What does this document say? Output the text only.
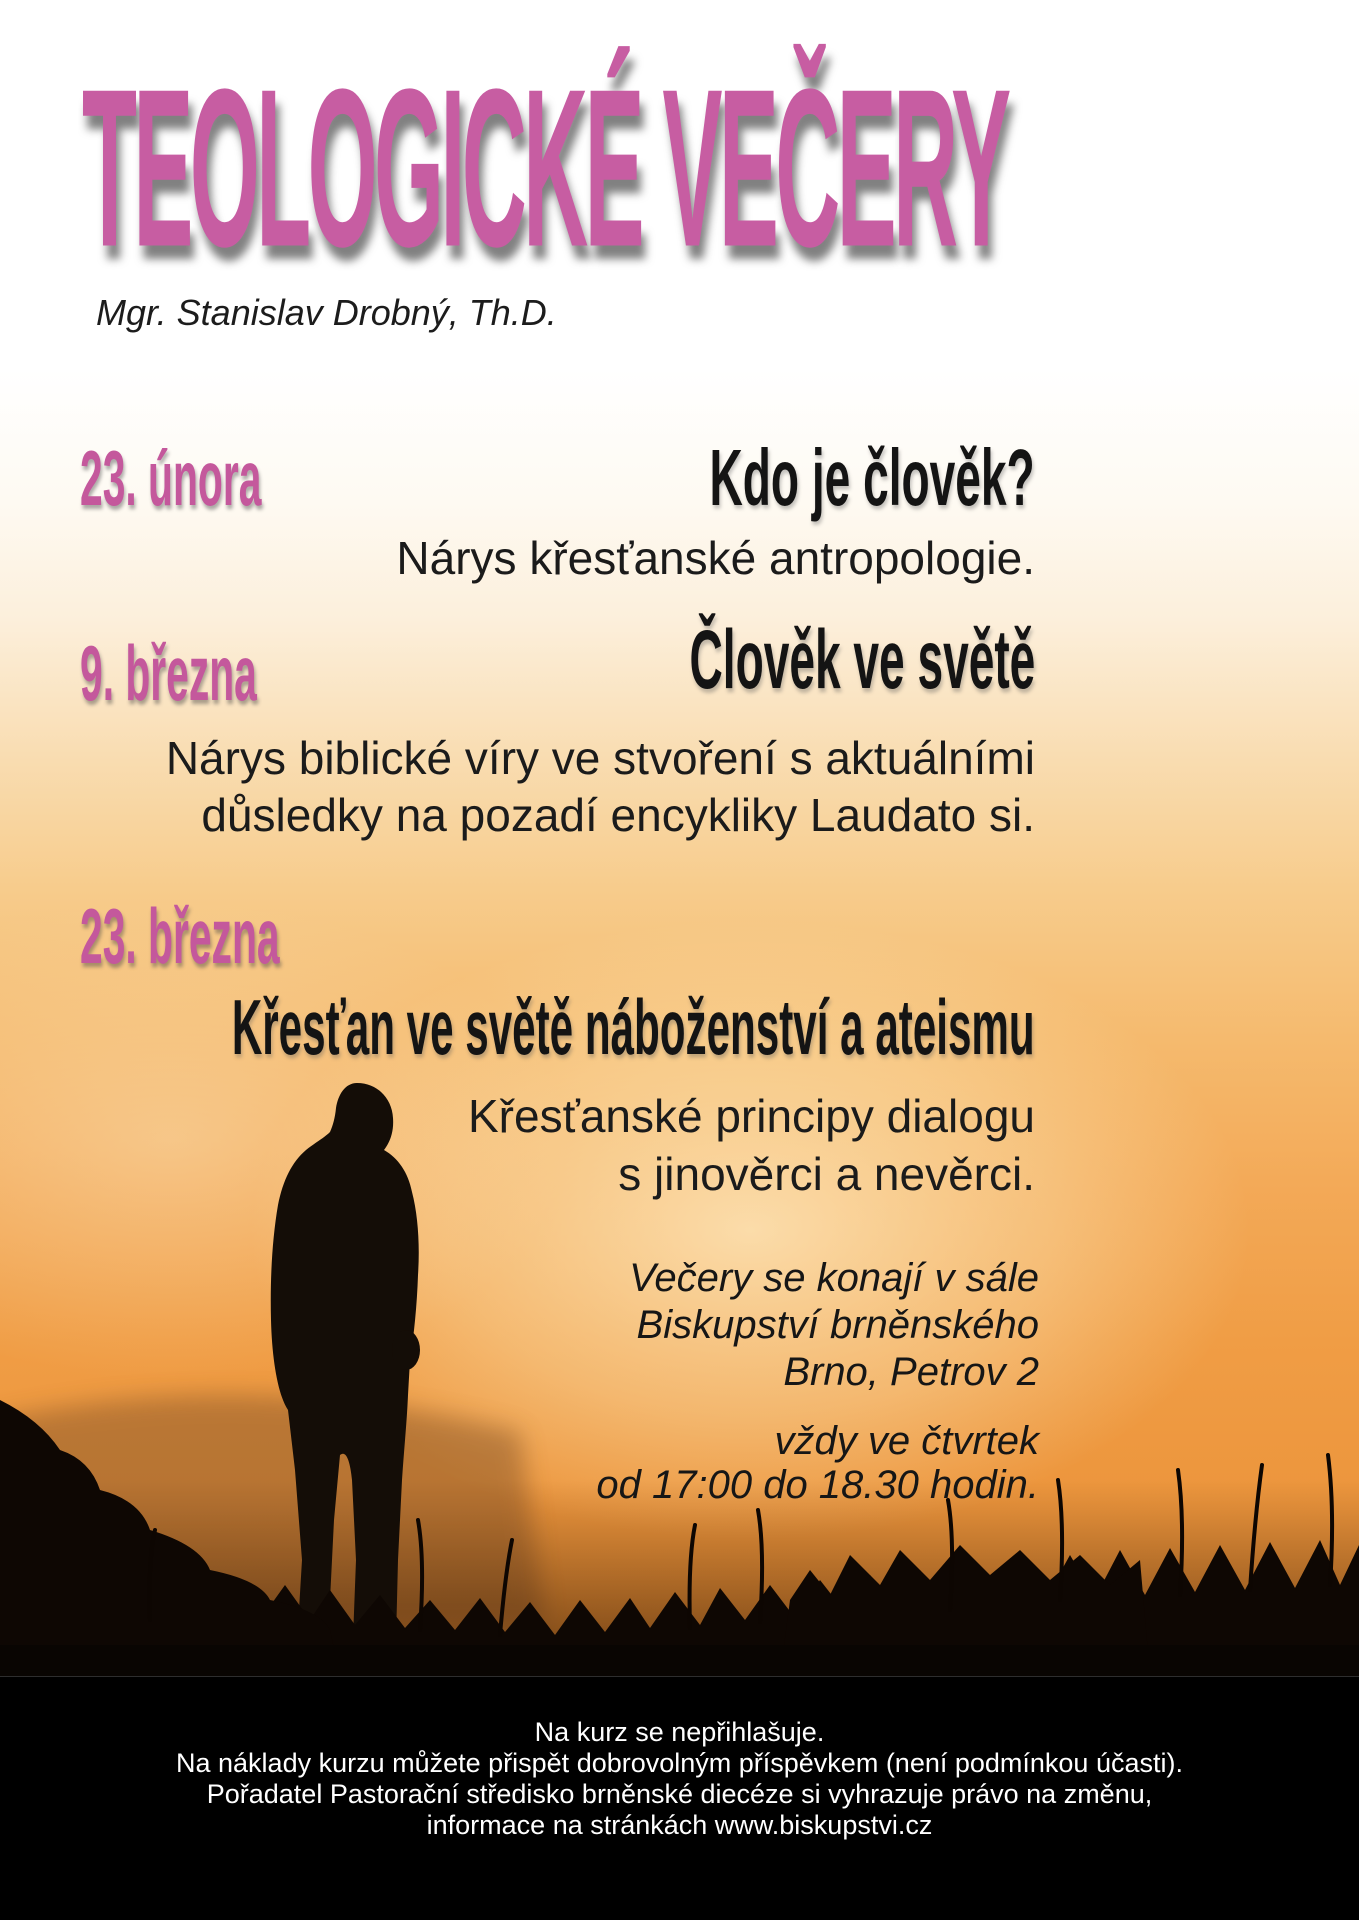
TEOLOGICKÉ VEČERY
Mgr. Stanislav Drobný, Th.D.
23. února	Kdo je člověk?
Nárys křesťanské antropologie.
9. března	Člověk ve světě
Nárys biblické víry ve stvoření s aktuálními
důsledky na pozadí encykliky Laudato si.
23. března
Křesťan ve světě náboženství a ateismu
Křesťanské principy dialogu
s jinověrci a nevěrci.
Večery se konají v sále
Biskupství brněnského
Brno, Petrov 2
vždy ve čtvrtek
od 17:00 do 18.30 hodin.
Na kurz se nepřihlašuje.
Na náklady kurzu můžete přispět dobrovolným příspěvkem (není podmínkou účasti).
Pořadatel Pastorační středisko brněnské diecéze si vyhrazuje právo na změnu,
informace na stránkách www.biskupstvi.cz
